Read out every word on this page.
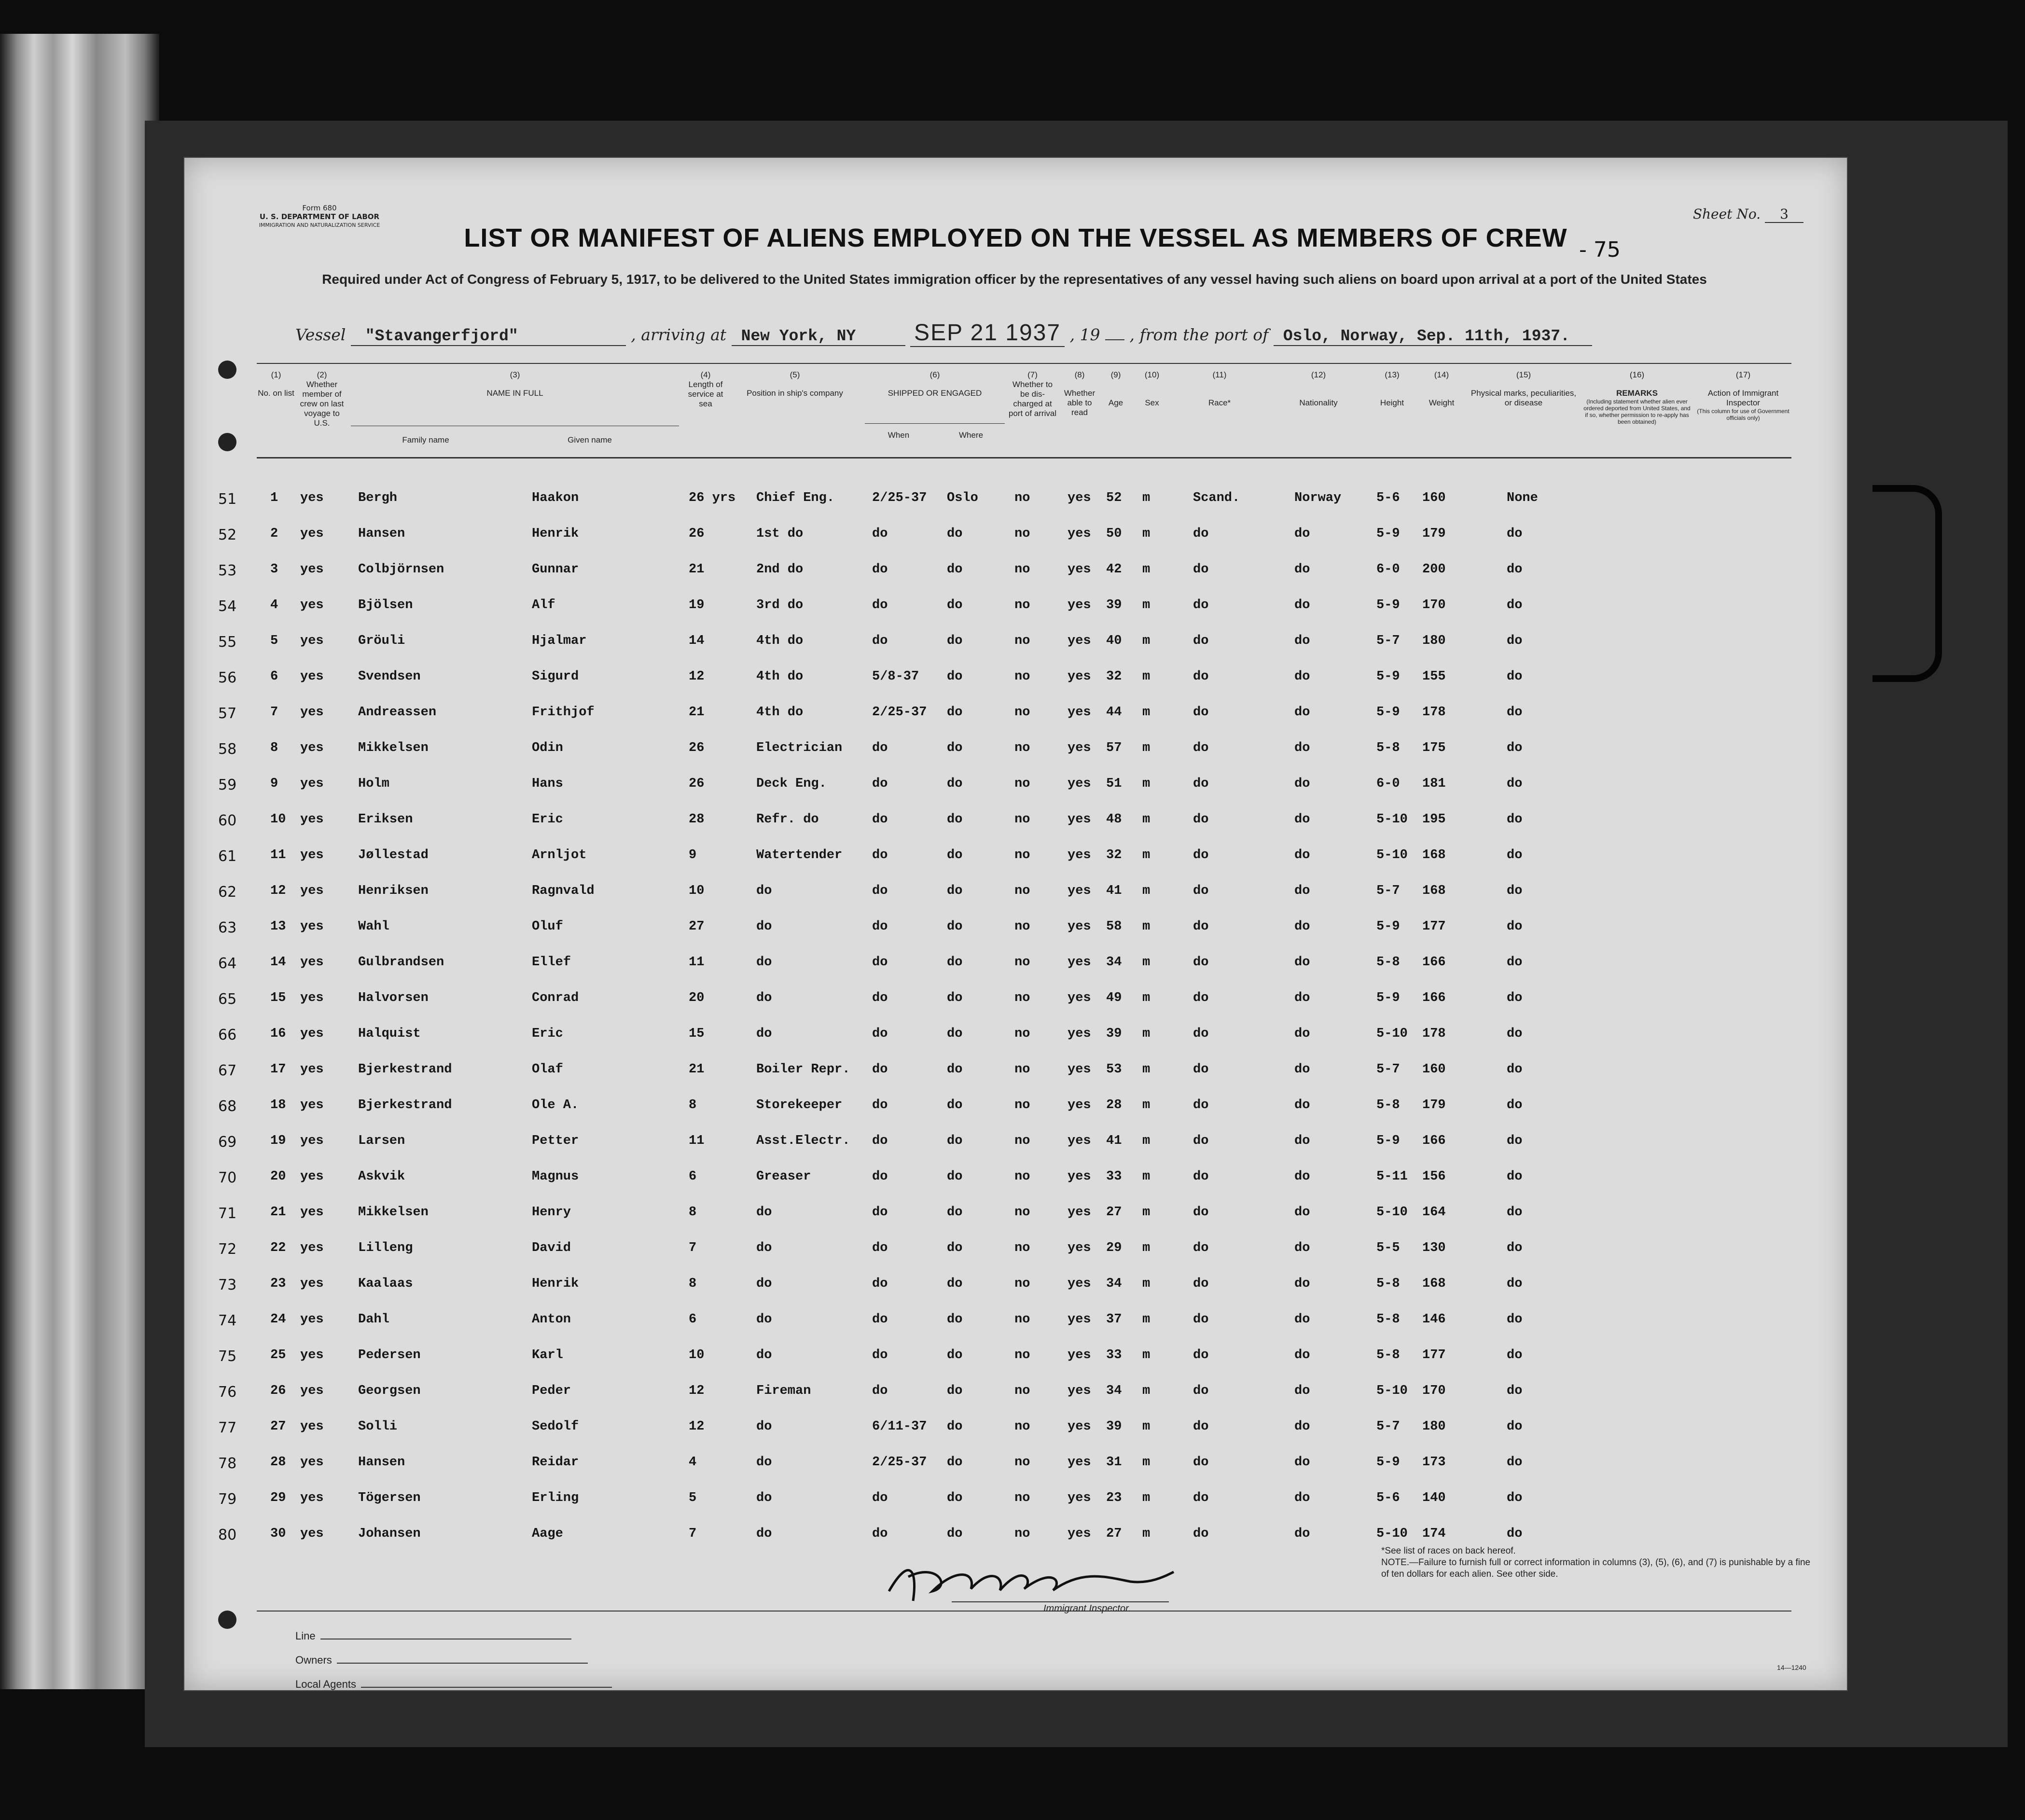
Form 680
U. S. DEPARTMENT OF LABOR
IMMIGRATION AND NATURALIZATION SERVICE
Sheet No. 3
- 75
LIST OR MANIFEST OF ALIENS EMPLOYED ON THE VESSEL AS MEMBERS OF CREW
Required under Act of Congress of February 5, 1917, to be delivered to the United States immigration officer by the representatives of any vessel having such aliens on board upon arrival at a port of the United States
Vessel "Stavangerfjord"	, arriving at New York, NY	SEP 21 1937 , 19 , from the port of Oslo, Norway, Sep. 11th, 1937.
(1)
No. on list
(2)
Whether member of crew on last voyage to U.S.
(3)
NAME IN FULL
Family name	Given name
(4)
Length of service at sea
(5)
Position in ship's company
(6)
SHIPPED OR ENGAGED
When	Where
(7)
Whether to be dis-charged at port of arrival
(8)
Whether able to read
(9)
Age
(10)
Sex
(11)
Race*
(12)
Nationality
(13)
Height
(14)
Weight
(15)
Physical marks, peculiarities, or disease
(16)
REMARKS
(Including statement whether alien ever ordered deported from United States, and if so, whether permission to re-apply has been obtained)
(17)
Action of Immigrant Inspector
(This column for use of Government officials only)
51	1 yes	Bergh	Haakon	26 yrs Chief Eng.	2/25-37 Oslo	no	yes 52 m	Scand.	Norway	5-6 160	None
52	2 yes	Hansen	Henrik	26	1st do	do	do	no	yes 50 m	do	do	5-9 179	do
53	3 yes	Colbjörnsen	Gunnar	21	2nd do	do	do	no	yes 42 m	do	do	6-0 200	do
54	4 yes	Bjölsen	Alf	19	3rd do	do	do	no	yes 39 m	do	do	5-9 170	do
55	5 yes	Gröuli	Hjalmar	14	4th do	do	do	no	yes 40 m	do	do	5-7 180	do
56	6 yes	Svendsen	Sigurd	12	4th do	5/8-37 do	no	yes 32 m	do	do	5-9 155	do
57	7 yes	Andreassen	Frithjof	21	4th do	2/25-37 do	no	yes 44 m	do	do	5-9 178	do
58	8 yes	Mikkelsen	Odin	26	Electrician do	do	no	yes 57 m	do	do	5-8 175	do
59	9 yes	Holm	Hans	26	Deck Eng.	do	do	no	yes 51 m	do	do	6-0 181	do
60	10 yes	Eriksen	Eric	28	Refr. do	do	do	no	yes 48 m	do	do	5-10 195	do
61	11 yes	Jøllestad	Arnljot	9	Watertender do	do	no	yes 32 m	do	do	5-10 168	do
62	12 yes	Henriksen	Ragnvald	10	do	do	do	no	yes 41 m	do	do	5-7 168	do
63	13 yes	Wahl	Oluf	27	do	do	do	no	yes 58 m	do	do	5-9 177	do
64	14 yes	Gulbrandsen	Ellef	11	do	do	do	no	yes 34 m	do	do	5-8 166	do
65	15 yes	Halvorsen	Conrad	20	do	do	do	no	yes 49 m	do	do	5-9 166	do
66	16 yes	Halquist	Eric	15	do	do	do	no	yes 39 m	do	do	5-10 178	do
67	17 yes	Bjerkestrand	Olaf	21	Boiler Repr. do	do	no	yes 53 m	do	do	5-7 160	do
68	18 yes	Bjerkestrand	Ole A.	8	Storekeeper do	do	no	yes 28 m	do	do	5-8 179	do
69	19 yes	Larsen	Petter	11	Asst.Electr. do	do	no	yes 41 m	do	do	5-9 166	do
70	20 yes	Askvik	Magnus	6	Greaser	do	do	no	yes 33 m	do	do	5-11 156	do
71	21 yes	Mikkelsen	Henry	8	do	do	do	no	yes 27 m	do	do	5-10 164	do
72	22 yes	Lilleng	David	7	do	do	do	no	yes 29 m	do	do	5-5 130	do
73	23 yes	Kaalaas	Henrik	8	do	do	do	no	yes 34 m	do	do	5-8 168	do
74	24 yes	Dahl	Anton	6	do	do	do	no	yes 37 m	do	do	5-8 146	do
75	25 yes	Pedersen	Karl	10	do	do	do	no	yes 33 m	do	do	5-8 177	do
76	26 yes	Georgsen	Peder	12	Fireman	do	do	no	yes 34 m	do	do	5-10 170	do
77	27 yes	Solli	Sedolf	12	do	6/11-37 do	no	yes 39 m	do	do	5-7 180	do
78	28 yes	Hansen	Reidar	4	do	2/25-37 do	no	yes 31 m	do	do	5-9 173	do
79	29 yes	Tögersen	Erling	5	do	do	do	no	yes 23 m	do	do	5-6 140	do
80	30 yes	Johansen	Aage	7	do	do	do	no	yes 27 m	do	do	5-10 174	do
Line
Owners
Local Agents
Immigrant Inspector.
*See list of races on back hereof.
NOTE.—Failure to furnish full or correct information in columns (3), (5), (6), and (7) is punishable by a fine of ten dollars for each alien. See other side.
14—1240
